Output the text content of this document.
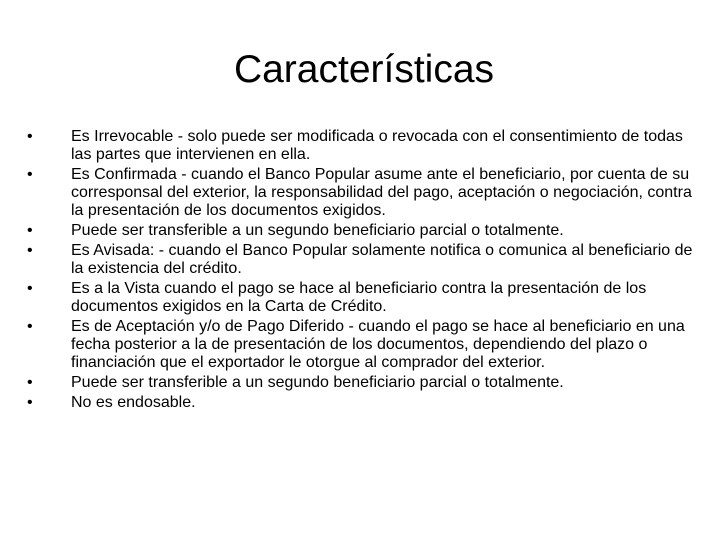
Características
•	Es Irrevocable - solo puede ser modificada o revocada con el consentimiento de todas las partes que intervienen en ella.
•	Es Confirmada - cuando el Banco Popular asume ante el beneficiario, por cuenta de su corresponsal del exterior, la responsabilidad del pago, aceptación o negociación, contra la presentación de los documentos exigidos.
•	Puede ser transferible a un segundo beneficiario parcial o totalmente.
•	Es Avisada: - cuando el Banco Popular solamente notifica o comunica al beneficiario de la existencia del crédito.
•	Es a la Vista cuando el pago se hace al beneficiario contra la presentación de los documentos exigidos en la Carta de Crédito.
•	Es de Aceptación y/o de Pago Diferido - cuando el pago se hace al beneficiario en una fecha posterior a la de presentación de los documentos, dependiendo del plazo o financiación que el exportador le otorgue al comprador del exterior.
•	Puede ser transferible a un segundo beneficiario parcial o totalmente.
•	No es endosable.
